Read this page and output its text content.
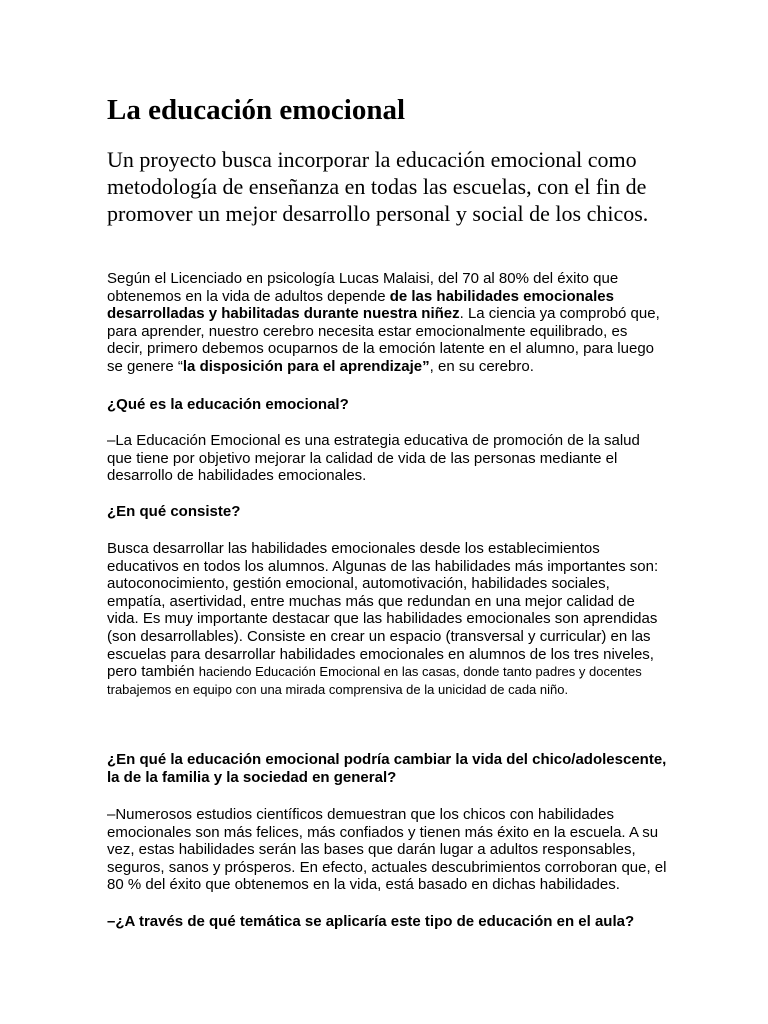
La educación emocional

Un proyecto busca incorporar la educación emocional como metodología de enseñanza en todas las escuelas, con el fin de promover un mejor desarrollo personal y social de los chicos.

Según el Licenciado en psicología Lucas Malaisi, del 70 al 80% del éxito que obtenemos en la vida de adultos depende de las habilidades emocionales desarrolladas y habilitadas durante nuestra niñez. La ciencia ya comprobó que, para aprender, nuestro cerebro necesita estar emocionalmente equilibrado, es decir, primero debemos ocuparnos de la emoción latente en el alumno, para luego se genere “la disposición para el aprendizaje”, en su cerebro.

¿Qué es la educación emocional?

–La Educación Emocional es una estrategia educativa de promoción de la salud que tiene por objetivo mejorar la calidad de vida de las personas mediante el desarrollo de habilidades emocionales.

¿En qué consiste?

Busca desarrollar las habilidades emocionales desde los establecimientos educativos en todos los alumnos. Algunas de las habilidades más importantes son: autoconocimiento, gestión emocional, automotivación, habilidades sociales, empatía, asertividad, entre muchas más que redundan en una mejor calidad de vida. Es muy importante destacar que las habilidades emocionales son aprendidas (son desarrollables). Consiste en crear un espacio (transversal y curricular) en las escuelas para desarrollar habilidades emocionales en alumnos de los tres niveles, pero también haciendo Educación Emocional en las casas, donde tanto padres y docentes trabajemos en equipo con una mirada comprensiva de la unicidad de cada niño.

¿En qué la educación emocional podría cambiar la vida del chico/adolescente, la de la familia y la sociedad en general?

–Numerosos estudios científicos demuestran que los chicos con habilidades emocionales son más felices, más confiados y tienen más éxito en la escuela. A su vez, estas habilidades serán las bases que darán lugar a adultos responsables, seguros, sanos y prósperos. En efecto, actuales descubrimientos corroboran que, el 80 % del éxito que obtenemos en la vida, está basado en dichas habilidades.

–¿A través de qué temática se aplicaría este tipo de educación en el aula?
